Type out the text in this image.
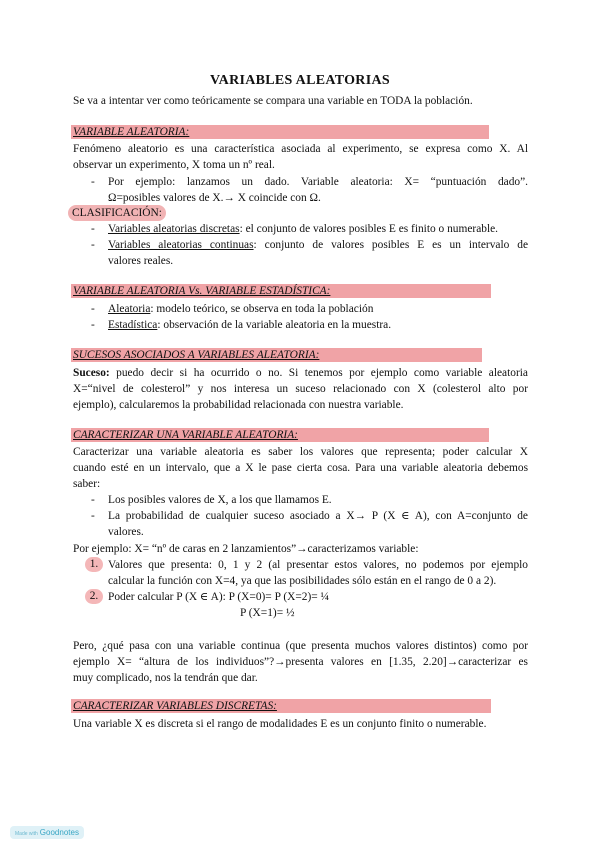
VARIABLES ALEATORIAS
Se va a intentar ver como teóricamente se compara una variable en TODA la población.
VARIABLE ALEATORIA:
Fenómeno aleatorio es una característica asociada al experimento, se expresa como X. Al
observar un experimento, X toma un nº real.
- Por ejemplo: lanzamos un dado. Variable aleatoria: X= “puntuación dado”.
Ω=posibles valores de X.→ X coincide con Ω.
CLASIFICACIÓN:
- Variables aleatorias discretas: el conjunto de valores posibles E es finito o numerable.
- Variables aleatorias continuas: conjunto de valores posibles E es un intervalo de
valores reales.
VARIABLE ALEATORIA Vs. VARIABLE ESTADÍSTICA:
- Aleatoria: modelo teórico, se observa en toda la población
- Estadística: observación de la variable aleatoria en la muestra.
SUCESOS ASOCIADOS A VARIABLES ALEATORIA:
Suceso: puedo decir si ha ocurrido o no. Si tenemos por ejemplo como variable aleatoria
X=“nivel de colesterol” y nos interesa un suceso relacionado con X (colesterol alto por
ejemplo), calcularemos la probabilidad relacionada con nuestra variable.
CARACTERIZAR UNA VARIABLE ALEATORIA:
Caracterizar una variable aleatoria es saber los valores que representa; poder calcular X
cuando esté en un intervalo, que a X le pase cierta cosa. Para una variable aleatoria debemos
saber:
- Los posibles valores de X, a los que llamamos E.
- La probabilidad de cualquier suceso asociado a X→ P (X ∈ A), con A=conjunto de
valores.
Por ejemplo: X= “nº de caras en 2 lanzamientos”→caracterizamos variable:
1. Valores que presenta: 0, 1 y 2 (al presentar estos valores, no podemos por ejemplo
calcular la función con X=4, ya que las posibilidades sólo están en el rango de 0 a 2).
2. Poder calcular P (X ∈ A): P (X=0)= P (X=2)= ¼
P (X=1)= ½
Pero, ¿qué pasa con una variable continua (que presenta muchos valores distintos) como por
ejemplo X= “altura de los individuos”?→presenta valores en [1.35, 2.20]→caracterizar es
muy complicado, nos la tendrán que dar.
CARACTERIZAR VARIABLES DISCRETAS:
Una variable X es discreta si el rango de modalidades E es un conjunto finito o numerable.
Made with Goodnotes
